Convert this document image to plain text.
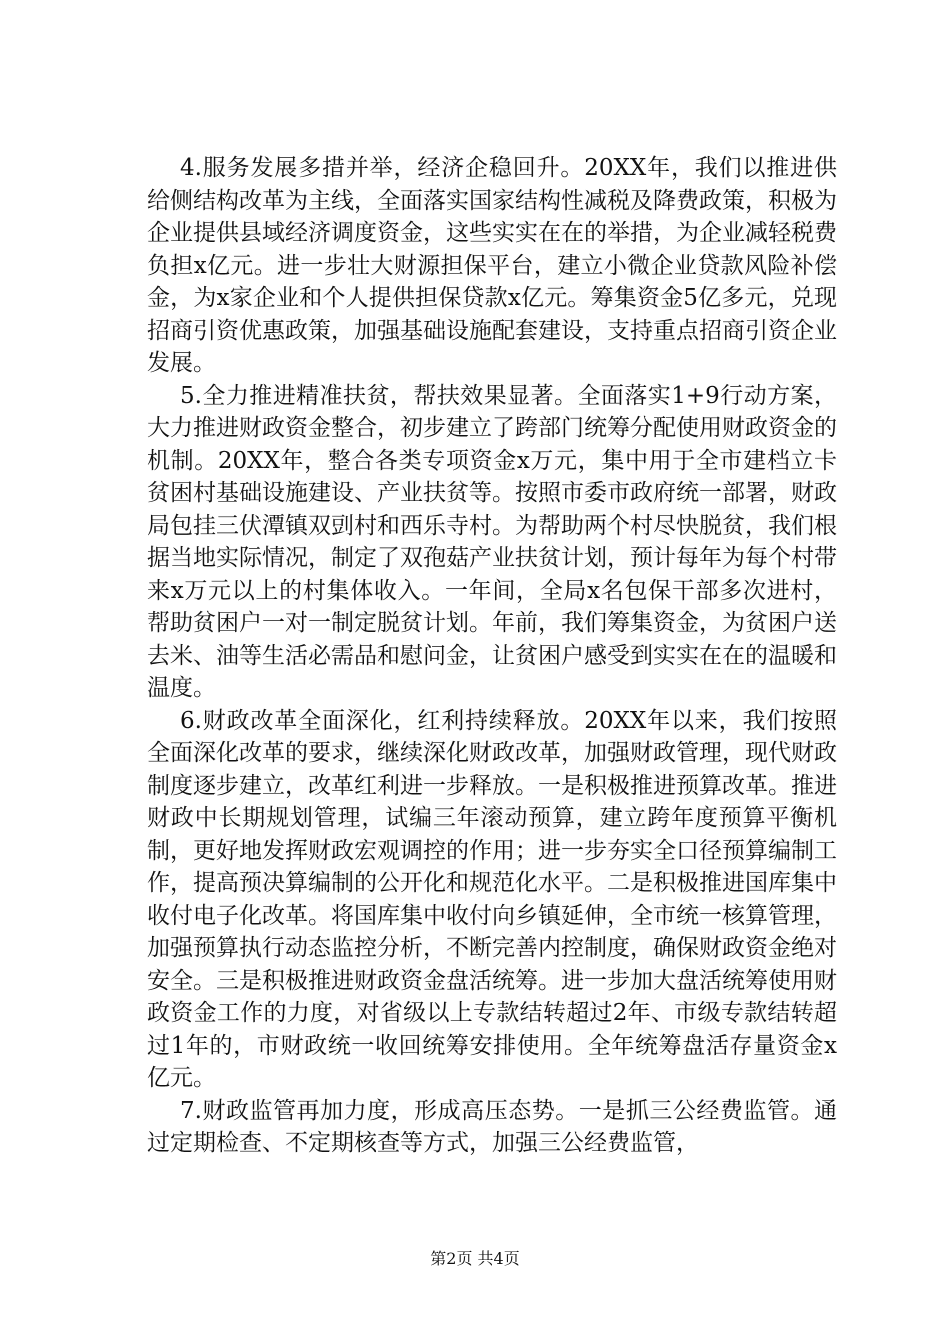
4.服务发展多措并举，经济企稳回升。20XX年，我们以推进供给侧结构改革为主线，全面落实国家结构性减税及降费政策，积极为企业提供县域经济调度资金，这些实实在在的举措，为企业减轻税费负担x亿元。进一步壮大财源担保平台，建立小微企业贷款风险补偿金，为x家企业和个人提供担保贷款x亿元。筹集资金5亿多元，兑现招商引资优惠政策，加强基础设施配套建设，支持重点招商引资企业发展。

5.全力推进精准扶贫，帮扶效果显著。全面落实1+9行动方案，大力推进财政资金整合，初步建立了跨部门统筹分配使用财政资金的机制。20XX年，整合各类专项资金x万元，集中用于全市建档立卡贫困村基础设施建设、产业扶贫等。按照市委市政府统一部署，财政局包挂三伏潭镇双剅村和西乐寺村。为帮助两个村尽快脱贫，我们根据当地实际情况，制定了双孢菇产业扶贫计划，预计每年为每个村带来x万元以上的村集体收入。一年间，全局x名包保干部多次进村，帮助贫困户一对一制定脱贫计划。年前，我们筹集资金，为贫困户送去米、油等生活必需品和慰问金，让贫困户感受到实实在在的温暖和温度。

6.财政改革全面深化，红利持续释放。20XX年以来，我们按照全面深化改革的要求，继续深化财政改革，加强财政管理，现代财政制度逐步建立，改革红利进一步释放。一是积极推进预算改革。推进财政中长期规划管理，试编三年滚动预算，建立跨年度预算平衡机制，更好地发挥财政宏观调控的作用；进一步夯实全口径预算编制工作，提高预决算编制的公开化和规范化水平。二是积极推进国库集中收付电子化改革。将国库集中收付向乡镇延伸，全市统一核算管理，加强预算执行动态监控分析，不断完善内控制度，确保财政资金绝对安全。三是积极推进财政资金盘活统筹。进一步加大盘活统筹使用财政资金工作的力度，对省级以上专款结转超过2年、市级专款结转超过1年的，市财政统一收回统筹安排使用。全年统筹盘活存量资金x亿元。

7.财政监管再加力度，形成高压态势。一是抓三公经费监管。通过定期检查、不定期核查等方式，加强三公经费监管，

第2页 共4页
